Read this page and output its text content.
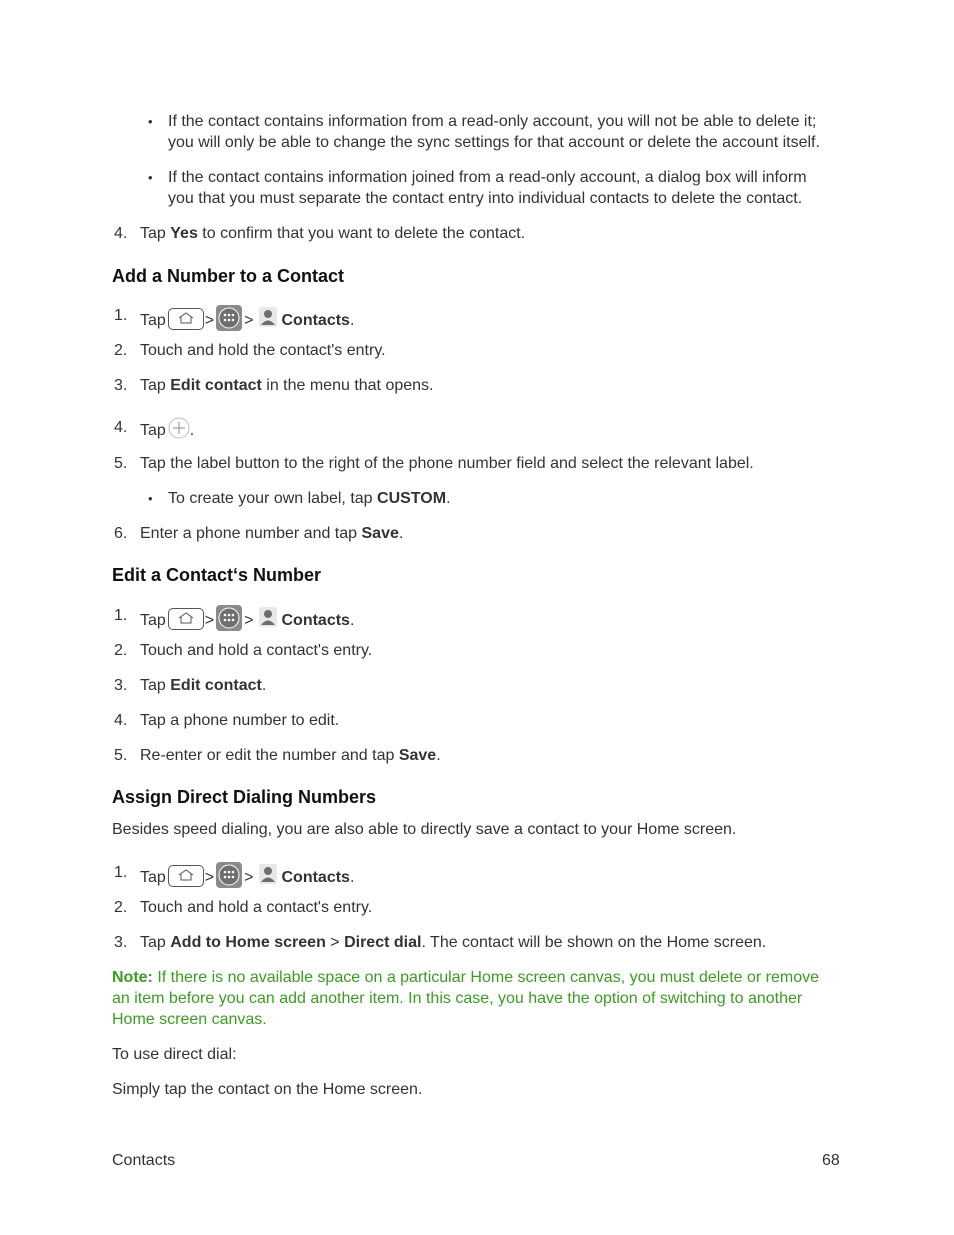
• If the contact contains information from a read-only account, you will not be able to delete it;
you will only be able to change the sync settings for that account or delete the account itself.
• If the contact contains information joined from a read-only account, a dialog box will inform
you that you must separate the contact entry into individual contacts to delete the contact.
4. Tap Yes to confirm that you want to delete the contact.
Add a Number to a Contact
1. Tap > > Contacts.
2. Touch and hold the contact's entry.
3. Tap Edit contact in the menu that opens.
4. Tap .
5. Tap the label button to the right of the phone number field and select the relevant label.
• To create your own label, tap CUSTOM.
6. Enter a phone number and tap Save.
Edit a Contact‘s Number
1. Tap > > Contacts.
2. Touch and hold a contact's entry.
3. Tap Edit contact.
4. Tap a phone number to edit.
5. Re-enter or edit the number and tap Save.
Assign Direct Dialing Numbers
Besides speed dialing, you are also able to directly save a contact to your Home screen.
1. Tap > > Contacts.
2. Touch and hold a contact's entry.
3. Tap Add to Home screen > Direct dial. The contact will be shown on the Home screen.
Note: If there is no available space on a particular Home screen canvas, you must delete or remove
an item before you can add another item. In this case, you have the option of switching to another
Home screen canvas.
To use direct dial:
Simply tap the contact on the Home screen.
Contacts	68
